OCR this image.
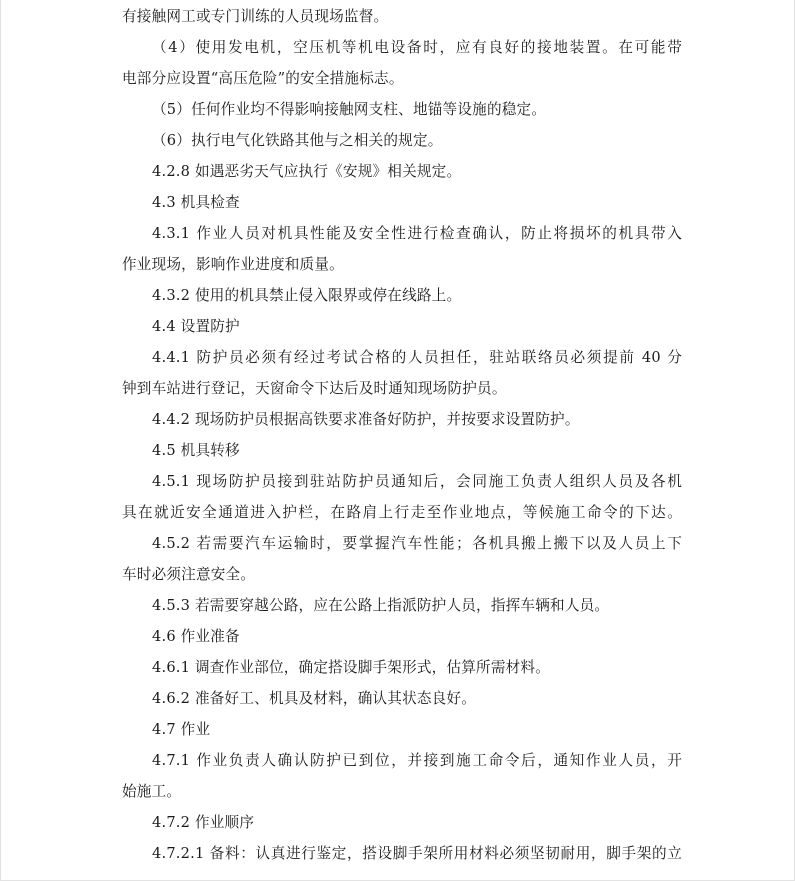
有接触网工或专门训练的人员现场监督。
（4）使用发电机，空压机等机电设备时，应有良好的接地装置。在可能带
电部分应设置“高压危险”的安全措施标志。
（5）任何作业均不得影响接触网支柱、地锚等设施的稳定。
（6）执行电气化铁路其他与之相关的规定。
4.2.8 如遇恶劣天气应执行《安规》相关规定。
4.3 机具检查
4.3.1 作业人员对机具性能及安全性进行检查确认，防止将损坏的机具带入
作业现场，影响作业进度和质量。
4.3.2 使用的机具禁止侵入限界或停在线路上。
4.4 设置防护
4.4.1 防护员必须有经过考试合格的人员担任，驻站联络员必须提前 40 分
钟到车站进行登记，天窗命令下达后及时通知现场防护员。
4.4.2 现场防护员根据高铁要求准备好防护，并按要求设置防护。
4.5 机具转移
4.5.1 现场防护员接到驻站防护员通知后，会同施工负责人组织人员及各机
具在就近安全通道进入护栏，在路肩上行走至作业地点，等候施工命令的下达。
4.5.2 若需要汽车运输时，要掌握汽车性能；各机具搬上搬下以及人员上下
车时必须注意安全。
4.5.3 若需要穿越公路，应在公路上指派防护人员，指挥车辆和人员。
4.6 作业准备
4.6.1 调查作业部位，确定搭设脚手架形式，估算所需材料。
4.6.2 准备好工、机具及材料，确认其状态良好。
4.7 作业
4.7.1 作业负责人确认防护已到位，并接到施工命令后，通知作业人员，开
始施工。
4.7.2 作业顺序
4.7.2.1 备料：认真进行鉴定，搭设脚手架所用材料必须坚韧耐用，脚手架的立
